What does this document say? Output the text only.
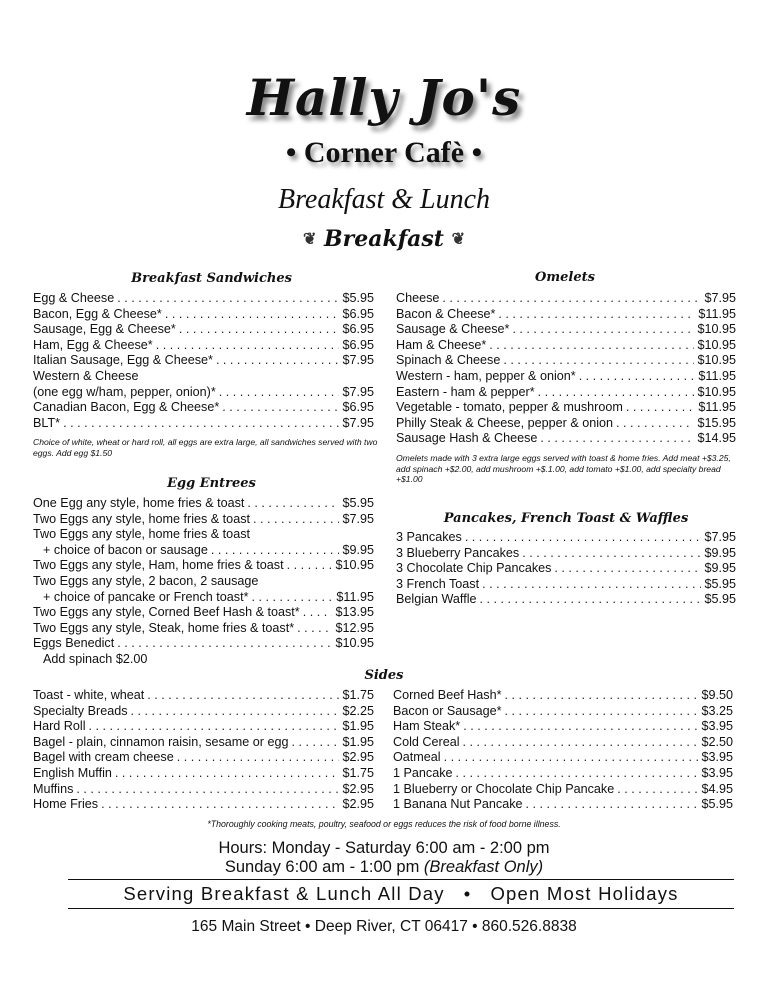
Hally Jo's
• Corner Cafè •
Breakfast & Lunch
❦ Breakfast ❦
Breakfast Sandwiches
Egg & Cheese . . .	$5.95
Bacon, Egg & Cheese* . . .	$6.95
Sausage, Egg & Cheese* . . .	$6.95
Ham, Egg & Cheese* . . .	$6.95
Italian Sausage, Egg & Cheese* . . .	$7.95
Western & Cheese
(one egg w/ham, pepper, onion)* . . .	$7.95
Canadian Bacon, Egg & Cheese* . . .	$6.95
BLT* . . .	$7.95
Choice of white, wheat or hard roll, all eggs are extra large, all sandwiches served with two eggs. Add egg $1.50
Omelets
Cheese . . .	$7.95
Bacon & Cheese* . . .	$11.95
Sausage & Cheese* . . .	$10.95
Ham & Cheese* . . .	$10.95
Spinach & Cheese . . .	$10.95
Western - ham, pepper & onion* . . .	$11.95
Eastern - ham & pepper* . . .	$10.95
Vegetable - tomato, pepper & mushroom . . .	$11.95
Philly Steak & Cheese, pepper & onion . . .	$15.95
Sausage Hash & Cheese . . .	$14.95
Omelets made with 3 extra large eggs served with toast & home fries. Add meat +$3.25, add spinach +$2.00, add mushroom +$.1.00, add tomato +$1.00, add specialty bread +$1.00
Egg Entrees
One Egg any style, home fries & toast . . .	$5.95
Two Eggs any style, home fries & toast . . .	$7.95
Two Eggs any style, home fries & toast
+ choice of bacon or sausage . . .	$9.95
Two Eggs any style, Ham, home fries & toast . . .	$10.95
Two Eggs any style, 2 bacon, 2 sausage
+ choice of pancake or French toast* . . .	$11.95
Two Eggs any style, Corned Beef Hash & toast* . . .	$13.95
Two Eggs any style, Steak, home fries & toast* . . .	$12.95
Eggs Benedict . . .	$10.95
Add spinach $2.00
Pancakes, French Toast & Waffles
3 Pancakes . . .	$7.95
3 Blueberry Pancakes . . .	$9.95
3 Chocolate Chip Pancakes . . .	$9.95
3 French Toast . . .	$5.95
Belgian Waffle . . .	$5.95
Sides
Toast - white, wheat . . .	$1.75
Specialty Breads . . .	$2.25
Hard Roll . . .	$1.95
Bagel - plain, cinnamon raisin, sesame or egg . . .	$1.95
Bagel with cream cheese . . .	$2.95
English Muffin . . .	$1.75
Muffins . . .	$2.95
Home Fries . . .	$2.95
Corned Beef Hash* . . .	$9.50
Bacon or Sausage* . . .	$3.25
Ham Steak* . . .	$3.95
Cold Cereal . . .	$2.50
Oatmeal . . .	$3.95
1 Pancake . . .	$3.95
1 Blueberry or Chocolate Chip Pancake . . .	$4.95
1 Banana Nut Pancake . . .	$5.95
*Thoroughly cooking meats, poultry, seafood or eggs reduces the risk of food borne illness.
Hours: Monday - Saturday 6:00 am - 2:00 pm
Sunday 6:00 am - 1:00 pm (Breakfast Only)
Serving Breakfast & Lunch All Day   •   Open Most Holidays
165 Main Street • Deep River, CT 06417 • 860.526.8838
